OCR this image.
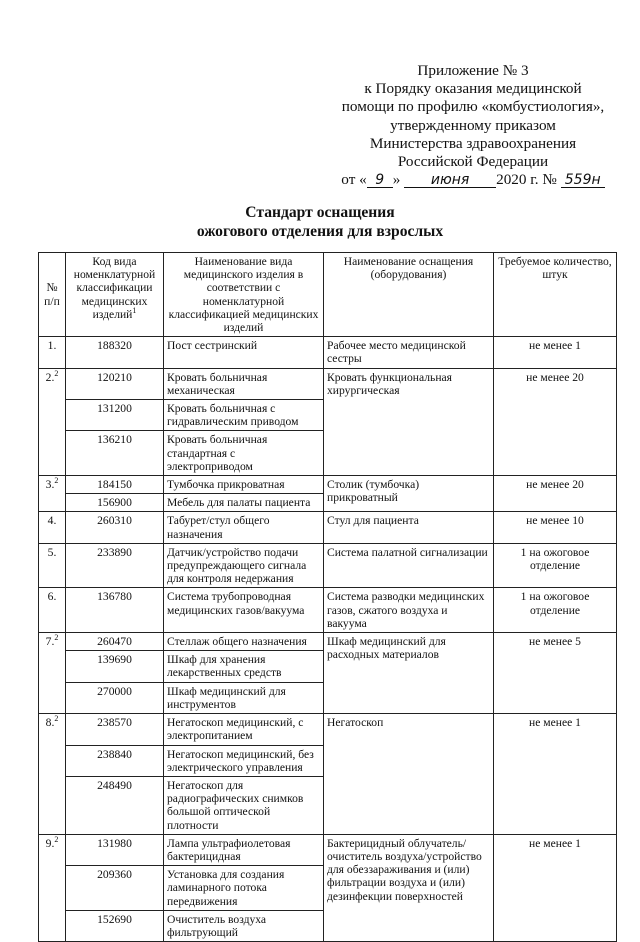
Приложение № 3
к Порядку оказания медицинской
помощи по профилю «комбустиология»,
утвержденному приказом
Министерства здравоохранения
Российской Федерации
от « 9 » июня 2020 г. № 559н
Стандарт оснащения
ожогового отделения для взрослых
№ п/п	Код вида номенклатурной классификации медицинских изделий$^1$	Наименование вида медицинского изделия в соответствии с номенклатурной классификацией медицинских изделий	Наименование оснащения (оборудования)	Требуемое количество, штук
1.	188320	Пост сестринский	Рабочее место медицинской сестры	не менее 1
2.$^2$	120210	Кровать больничная механическая	Кровать функциональная хирургическая	не менее 20
	131200	Кровать больничная с гидравлическим приводом		
	136210	Кровать больничная стандартная с электроприводом		
3.$^2$	184150	Тумбочка прикроватная	Столик (тумбочка) прикроватный	не менее 20
	156900	Мебель для палаты пациента		
4.	260310	Табурет/стул общего назначения	Стул для пациента	не менее 10
5.	233890	Датчик/устройство подачи предупреждающего сигнала для контроля недержания	Система палатной сигнализации	1 на ожоговое отделение
6.	136780	Система трубопроводная медицинских газов/вакуума	Система разводки медицинских газов, сжатого воздуха и вакуума	1 на ожоговое отделение
7.$^2$	260470	Стеллаж общего назначения	Шкаф медицинский для расходных материалов	не менее 5
	139690	Шкаф для хранения лекарственных средств		
	270000	Шкаф медицинский для инструментов		
8.$^2$	238570	Негатоскоп медицинский, с электропитанием	Негатоскоп	не менее 1
	238840	Негатоскоп медицинский, без электрического управления		
	248490	Негатоскоп для радиографических снимков большой оптической плотности		
9.$^2$	131980	Лампа ультрафиолетовая бактерицидная	Бактерицидный облучатель/очиститель воздуха/устройство для обеззараживания и (или) фильтрации воздуха и (или) дезинфекции поверхностей	не менее 1
	209360	Установка для создания ламинарного потока передвижения		
	152690	Очиститель воздуха фильтрующий		
